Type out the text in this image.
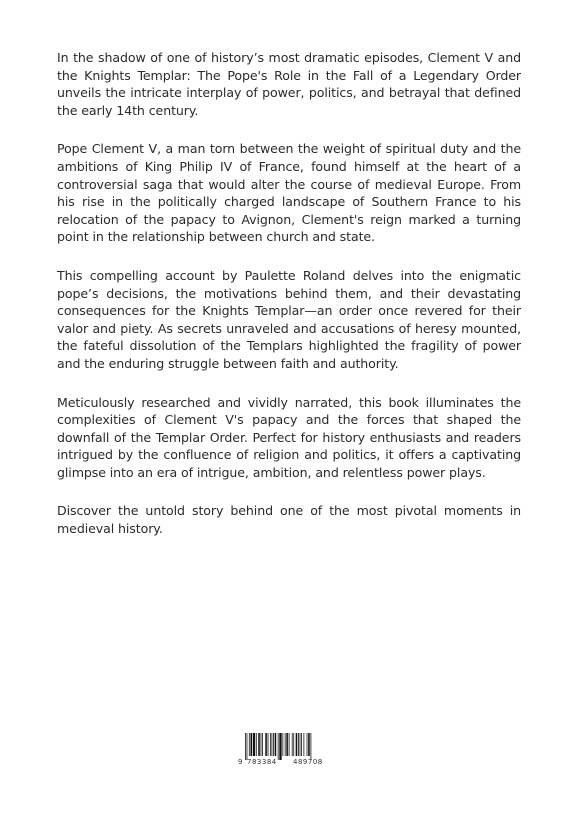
In the shadow of one of history’s most dramatic episodes, Clement V and the Knights Templar: The Pope's Role in the Fall of a Legendary Order unveils the intricate interplay of power, politics, and betrayal that defined the early 14th century.

Pope Clement V, a man torn between the weight of spiritual duty and the ambitions of King Philip IV of France, found himself at the heart of a controversial saga that would alter the course of medieval Europe. From his rise in the politically charged landscape of Southern France to his relocation of the papacy to Avignon, Clement's reign marked a turning point in the relationship between church and state.

This compelling account by Paulette Roland delves into the enigmatic pope’s decisions, the motivations behind them, and their devastating consequences for the Knights Templar—an order once revered for their valor and piety. As secrets unraveled and accusations of heresy mounted, the fateful dissolution of the Templars highlighted the fragility of power and the enduring struggle between faith and authority.

Meticulously researched and vividly narrated, this book illuminates the complexities of Clement V's papacy and the forces that shaped the downfall of the Templar Order. Perfect for history enthusiasts and readers intrigued by the confluence of religion and politics, it offers a captivating glimpse into an era of intrigue, ambition, and relentless power plays.

Discover the untold story behind one of the most pivotal moments in medieval history.

9 783384 489708
